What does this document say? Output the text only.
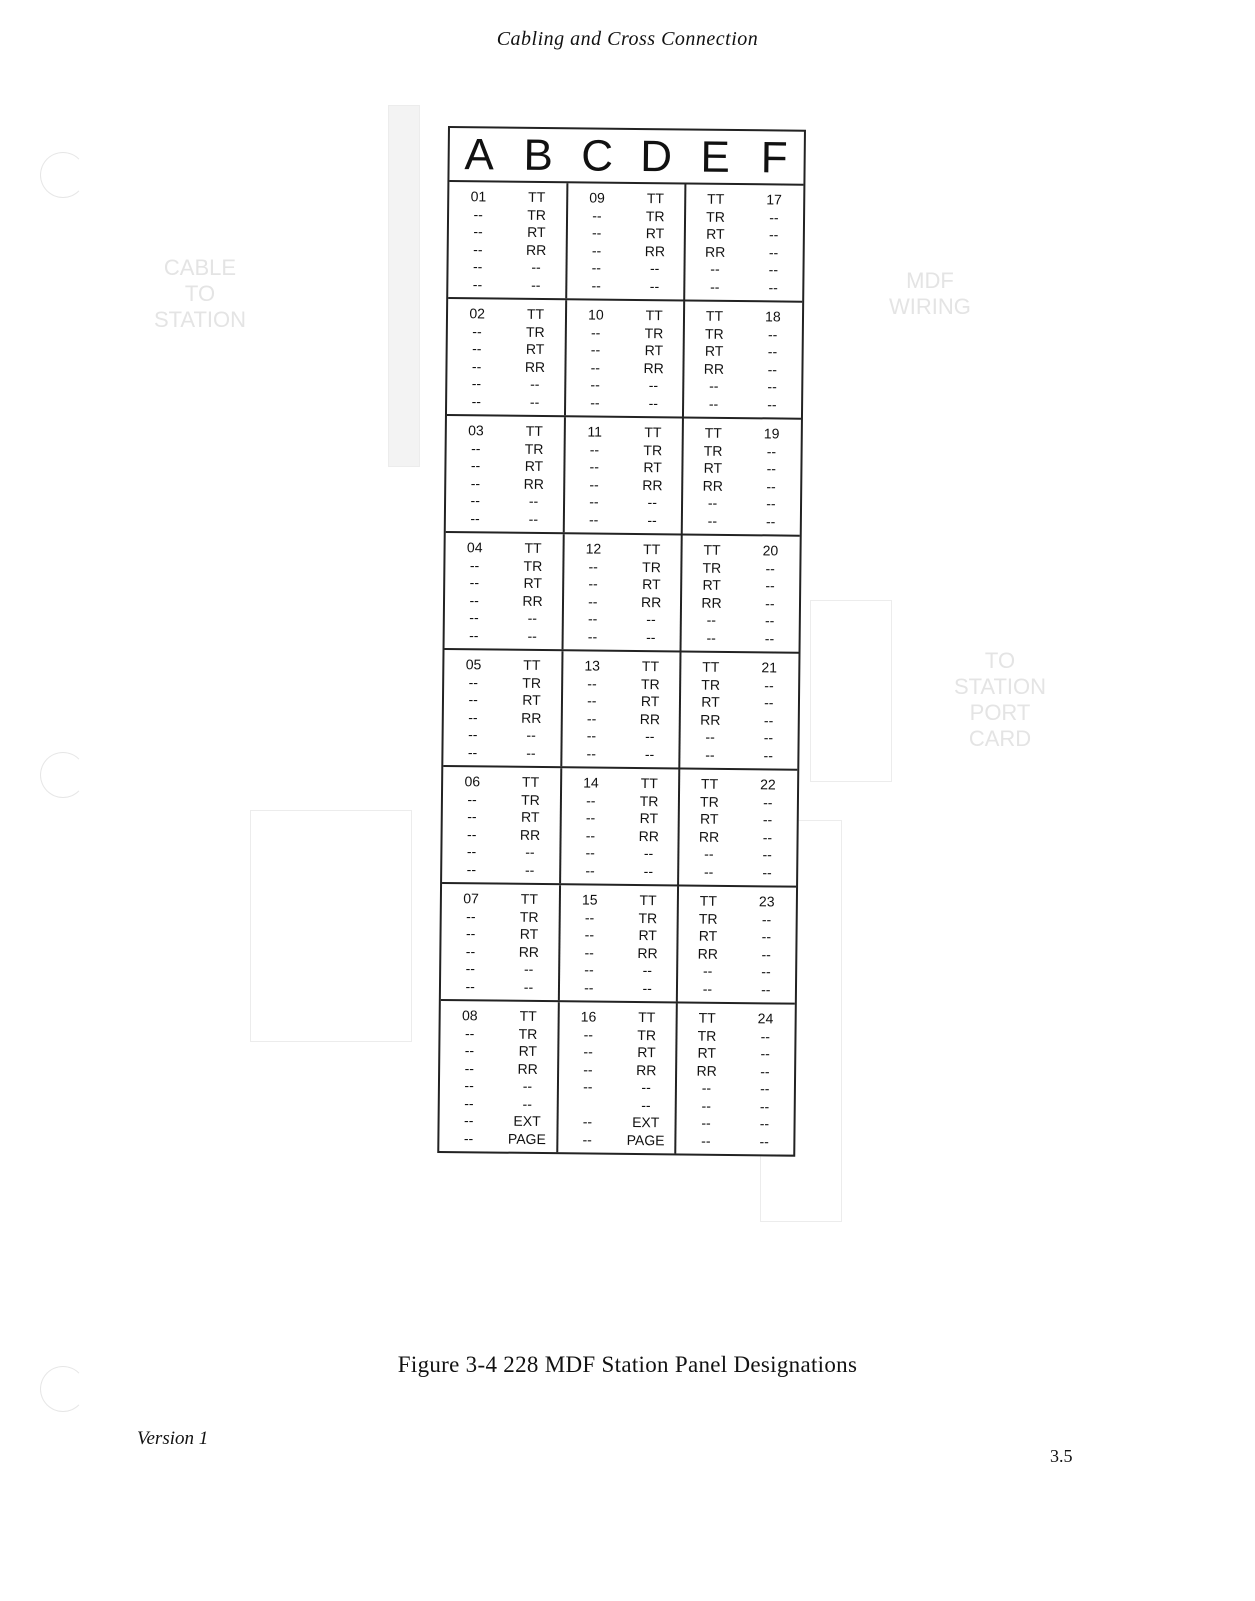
CABLE
TO
STATION
MDF
WIRING
TO
STATION
PORT
CARD
Cabling and Cross Connection
A B C D E F
01
--
--
--
--
--
TT
TR
RT
RR
--
--
09
--
--
--
--
--
TT
TR
RT
RR
--
--
TT
TR
RT
RR
--
--
17
--
--
--
--
--
02
--
--
--
--
--
TT
TR
RT
RR
--
--
10
--
--
--
--
--
TT
TR
RT
RR
--
--
TT
TR
RT
RR
--
--
18
--
--
--
--
--
03
--
--
--
--
--
TT
TR
RT
RR
--
--
11
--
--
--
--
--
TT
TR
RT
RR
--
--
TT
TR
RT
RR
--
--
19
--
--
--
--
--
04
--
--
--
--
--
TT
TR
RT
RR
--
--
12
--
--
--
--
--
TT
TR
RT
RR
--
--
TT
TR
RT
RR
--
--
20
--
--
--
--
--
05
--
--
--
--
--
TT
TR
RT
RR
--
--
13
--
--
--
--
--
TT
TR
RT
RR
--
--
TT
TR
RT
RR
--
--
21
--
--
--
--
--
06
--
--
--
--
--
TT
TR
RT
RR
--
--
14
--
--
--
--
--
TT
TR
RT
RR
--
--
TT
TR
RT
RR
--
--
22
--
--
--
--
--
07
--
--
--
--
--
TT
TR
RT
RR
--
--
15
--
--
--
--
--
TT
TR
RT
RR
--
--
TT
TR
RT
RR
--
--
23
--
--
--
--
--
08
--
--
--
--
--
--
--
TT
TR
RT
RR
--
--
EXT
PAGE
16
--
--
--
--
--
--
TT
TR
RT
RR
--
--
EXT
PAGE
TT
TR
RT
RR
--
--
--
--
24
--
--
--
--
--
--
--
Figure 3-4 228 MDF Station Panel Designations
Version 1
3.5
